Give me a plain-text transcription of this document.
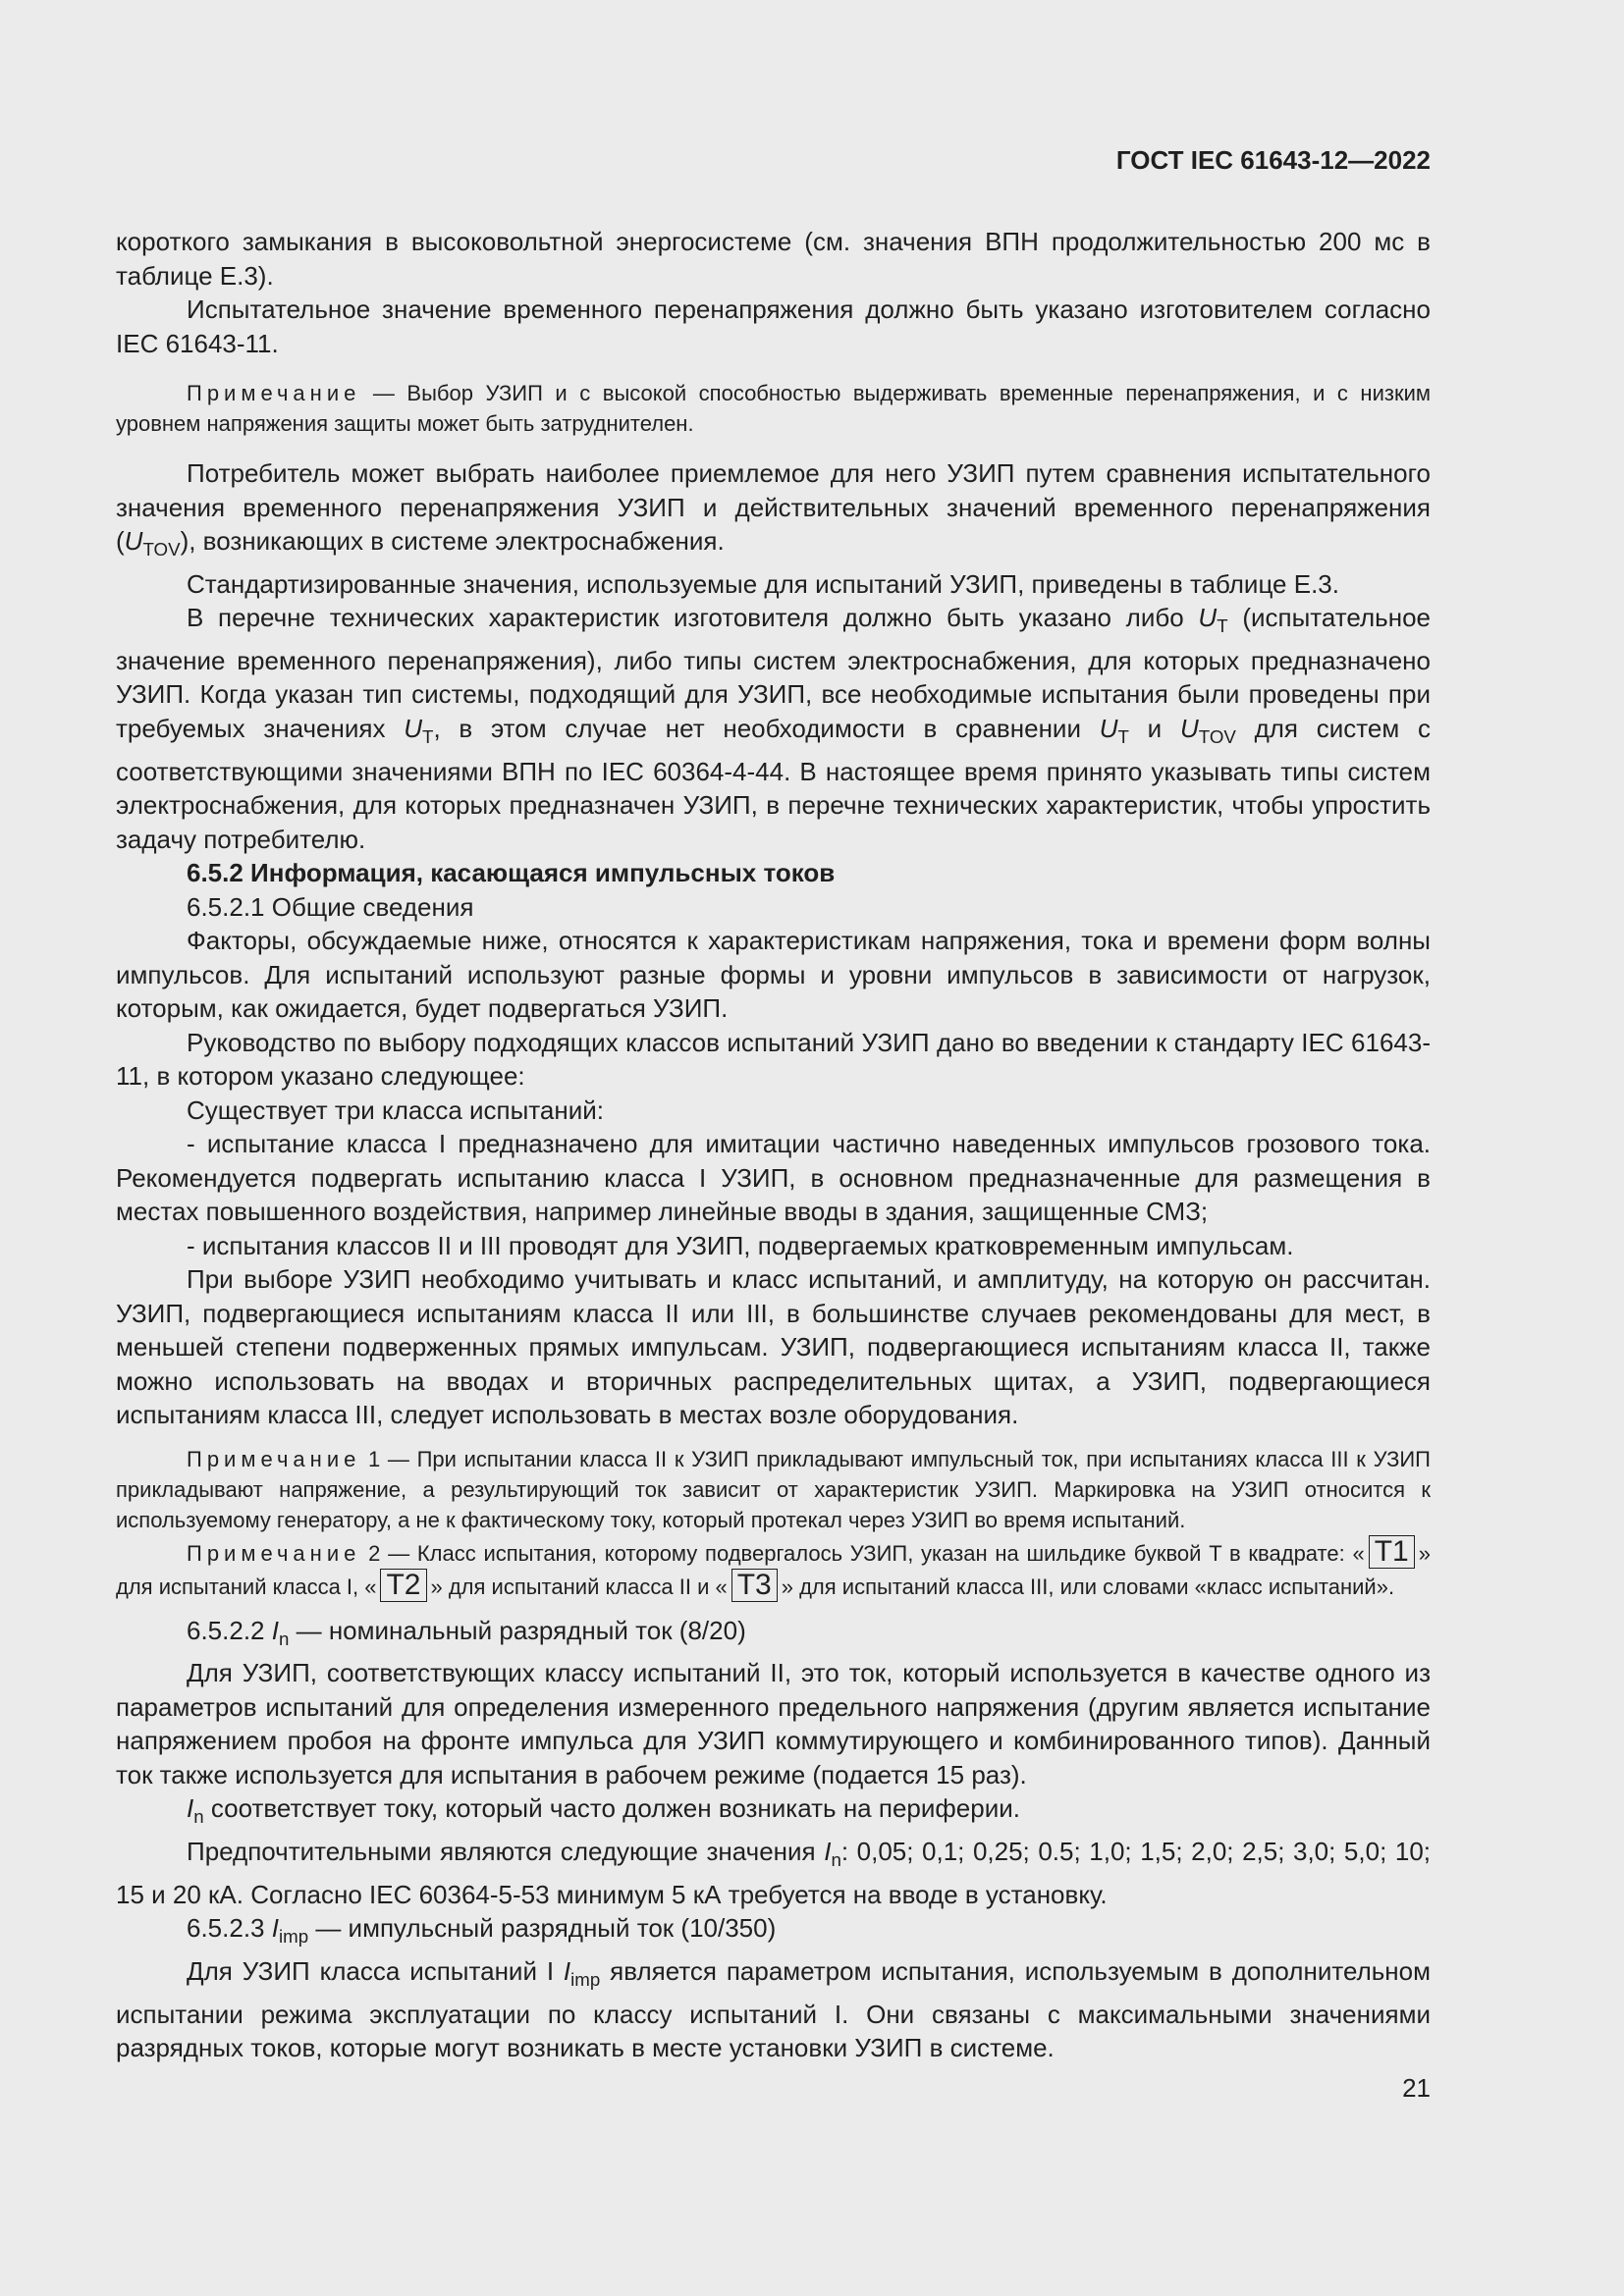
ГОСТ IEC 61643-12—2022

короткого замыкания в высоковольтной энергосистеме (см. значения ВПН продолжительностью 200 мс в таблице Е.3).

Испытательное значение временного перенапряжения должно быть указано изготовителем согласно IEC 61643-11.

Примечание — Выбор УЗИП и с высокой способностью выдерживать временные перенапряжения, и с низким уровнем напряжения защиты может быть затруднителен.

Потребитель может выбрать наиболее приемлемое для него УЗИП путем сравнения испытательного значения временного перенапряжения УЗИП и действительных значений временного перенапряжения $(U_{TOV})$, возникающих в системе электроснабжения.

Стандартизированные значения, используемые для испытаний УЗИП, приведены в таблице Е.3.

В перечне технических характеристик изготовителя должно быть указано либо $U_T$ (испытательное значение временного перенапряжения), либо типы систем электроснабжения, для которых предназначено УЗИП. Когда указан тип системы, подходящий для УЗИП, все необходимые испытания были проведены при требуемых значениях $U_T$, в этом случае нет необходимости в сравнении $U_T$ и $U_{TOV}$ для систем с соответствующими значениями ВПН по IEC 60364-4-44. В настоящее время принято указывать типы систем электроснабжения, для которых предназначен УЗИП, в перечне технических характеристик, чтобы упростить задачу потребителю.

6.5.2 Информация, касающаяся импульсных токов

6.5.2.1 Общие сведения

Факторы, обсуждаемые ниже, относятся к характеристикам напряжения, тока и времени форм волны импульсов. Для испытаний используют разные формы и уровни импульсов в зависимости от нагрузок, которым, как ожидается, будет подвергаться УЗИП.

Руководство по выбору подходящих классов испытаний УЗИП дано во введении к стандарту IEC 61643-11, в котором указано следующее:

Существует три класса испытаний:

- испытание класса I предназначено для имитации частично наведенных импульсов грозового тока. Рекомендуется подвергать испытанию класса I УЗИП, в основном предназначенные для размещения в местах повышенного воздействия, например линейные вводы в здания, защищенные СМЗ;

- испытания классов II и III проводят для УЗИП, подвергаемых кратковременным импульсам.

При выборе УЗИП необходимо учитывать и класс испытаний, и амплитуду, на которую он рассчитан. УЗИП, подвергающиеся испытаниям класса II или III, в большинстве случаев рекомендованы для мест, в меньшей степени подверженных прямых импульсам. УЗИП, подвергающиеся испытаниям класса II, также можно использовать на вводах и вторичных распределительных щитах, а УЗИП, подвергающиеся испытаниям класса III, следует использовать в местах возле оборудования.

Примечание 1 — При испытании класса II к УЗИП прикладывают импульсный ток, при испытаниях класса III к УЗИП прикладывают напряжение, а результирующий ток зависит от характеристик УЗИП. Маркировка на УЗИП относится к используемому генератору, а не к фактическому току, который протекал через УЗИП во время испытаний.

Примечание 2 — Класс испытания, которому подвергалось УЗИП, указан на шильдике буквой T в квадрате: « T1 » для испытаний класса I, « T2 » для испытаний класса II и « T3 » для испытаний класса III, или словами «класс испытаний».

6.5.2.2 $I_n$ — номинальный разрядный ток (8/20)

Для УЗИП, соответствующих классу испытаний II, это ток, который используется в качестве одного из параметров испытаний для определения измеренного предельного напряжения (другим является испытание напряжением пробоя на фронте импульса для УЗИП коммутирующего и комбинированного типов). Данный ток также используется для испытания в рабочем режиме (подается 15 раз).

$I_n$ соответствует току, который часто должен возникать на периферии.

Предпочтительными являются следующие значения $I_n$: 0,05; 0,1; 0,25; 0.5; 1,0; 1,5; 2,0; 2,5; 3,0; 5,0; 10; 15 и 20 кА. Согласно IEC 60364-5-53 минимум 5 кА требуется на вводе в установку.

6.5.2.3 $I_{imp}$ — импульсный разрядный ток (10/350)

Для УЗИП класса испытаний I $I_{imp}$ является параметром испытания, используемым в дополнительном испытании режима эксплуатации по классу испытаний I. Они связаны с максимальными значениями разрядных токов, которые могут возникать в месте установки УЗИП в системе.

21
